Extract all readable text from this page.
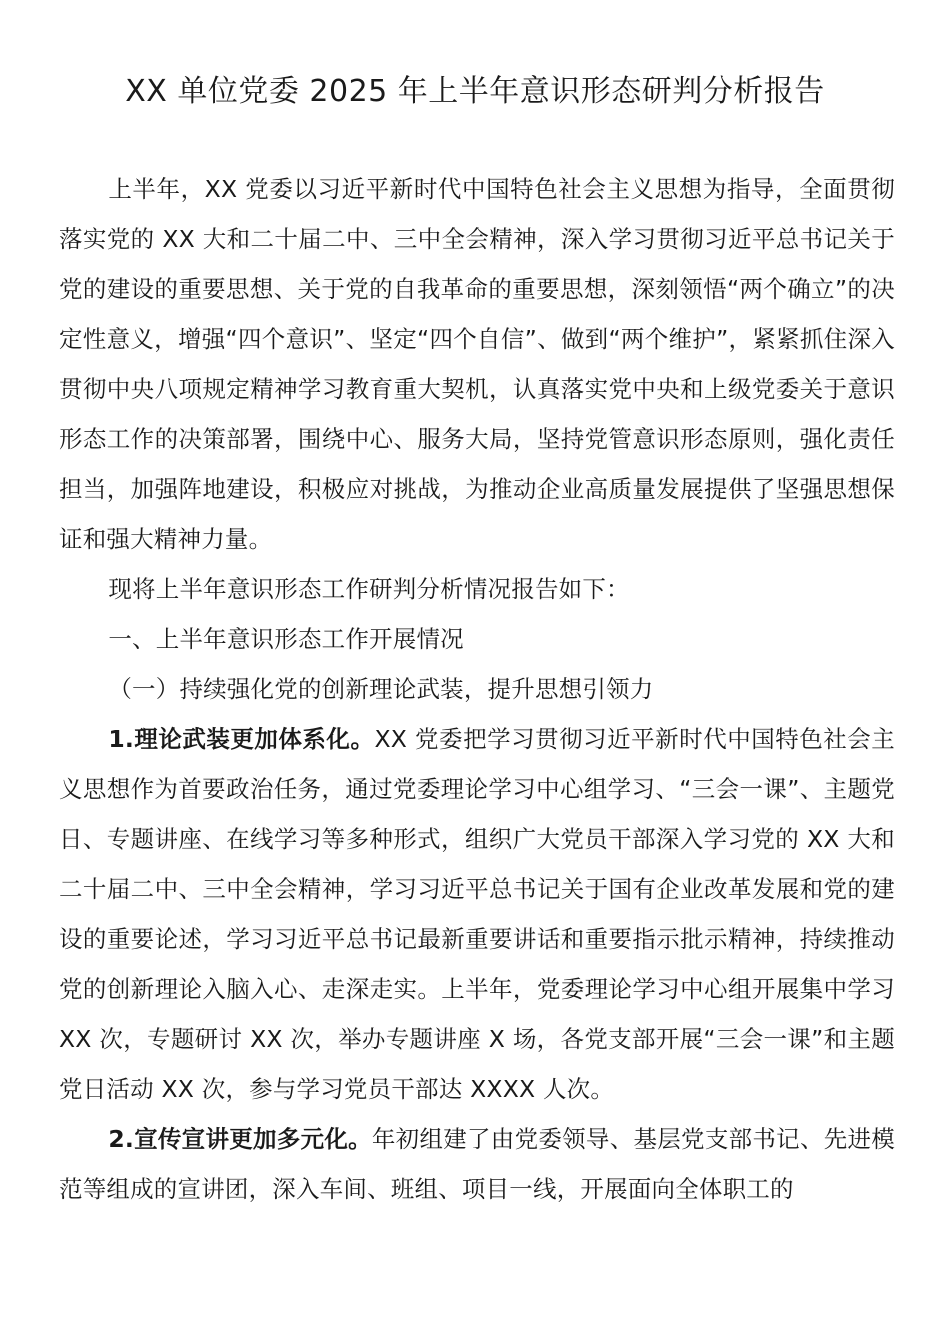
XX 单位党委 2025 年上半年意识形态研判分析报告

上半年，XX 党委以习近平新时代中国特色社会主义思想为指导，全面贯彻落实党的 XX 大和二十届二中、三中全会精神，深入学习贯彻习近平总书记关于党的建设的重要思想、关于党的自我革命的重要思想，深刻领悟“两个确立”的决定性意义，增强“四个意识”、坚定“四个自信”、做到“两个维护”，紧紧抓住深入贯彻中央八项规定精神学习教育重大契机，认真落实党中央和上级党委关于意识形态工作的决策部署，围绕中心、服务大局，坚持党管意识形态原则，强化责任担当，加强阵地建设，积极应对挑战，为推动企业高质量发展提供了坚强思想保证和强大精神力量。

现将上半年意识形态工作研判分析情况报告如下：

一、上半年意识形态工作开展情况

（一）持续强化党的创新理论武装，提升思想引领力

1.理论武装更加体系化。XX 党委把学习贯彻习近平新时代中国特色社会主义思想作为首要政治任务，通过党委理论学习中心组学习、“三会一课”、主题党日、专题讲座、在线学习等多种形式，组织广大党员干部深入学习党的 XX 大和二十届二中、三中全会精神，学习习近平总书记关于国有企业改革发展和党的建设的重要论述，学习习近平总书记最新重要讲话和重要指示批示精神，持续推动党的创新理论入脑入心、走深走实。上半年，党委理论学习中心组开展集中学习 XX 次，专题研讨 XX 次，举办专题讲座 X 场，各党支部开展“三会一课”和主题党日活动 XX 次，参与学习党员干部达 XXXX 人次。

2.宣传宣讲更加多元化。年初组建了由党委领导、基层党支部书记、先进模范等组成的宣讲团，深入车间、班组、项目一线，开展面向全体职工的
